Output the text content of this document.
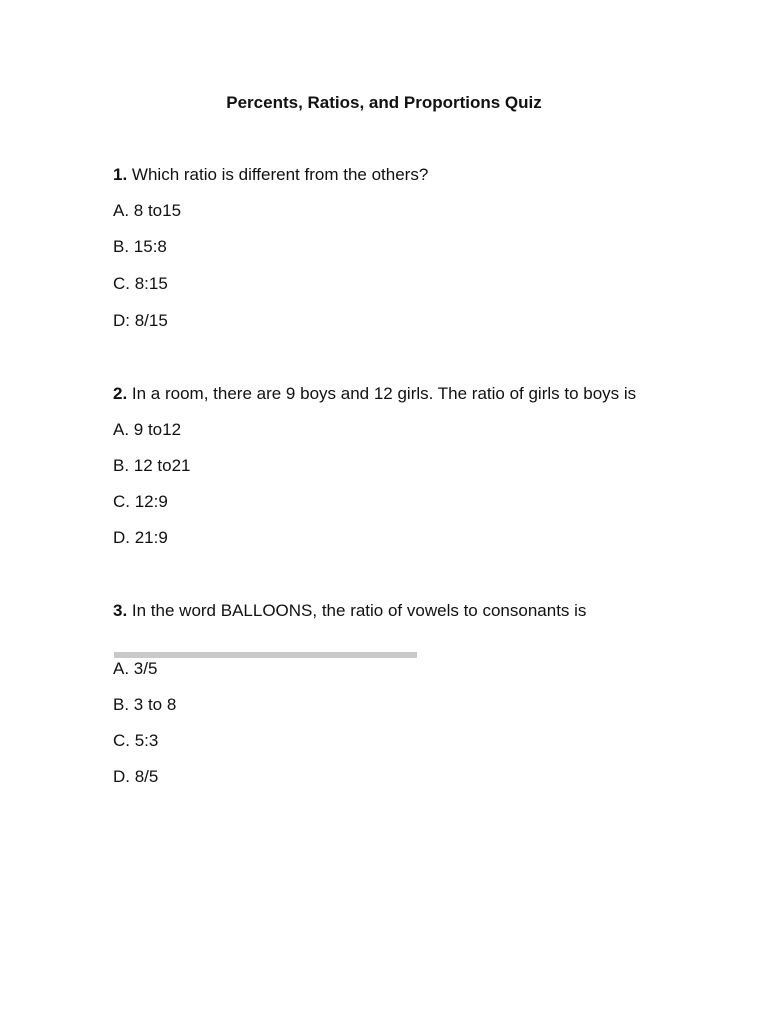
Percents, Ratios, and Proportions Quiz
1. Which ratio is different from the others?
A. 8 to15
B. 15:8
C. 8:15
D: 8/15
2. In a room, there are 9 boys and 12 girls. The ratio of girls to boys is
A. 9 to12
B. 12 to21
C. 12:9
D. 21:9
3. In the word BALLOONS, the ratio of vowels to consonants is
A. 3/5
B. 3 to 8
C. 5:3
D. 8/5
